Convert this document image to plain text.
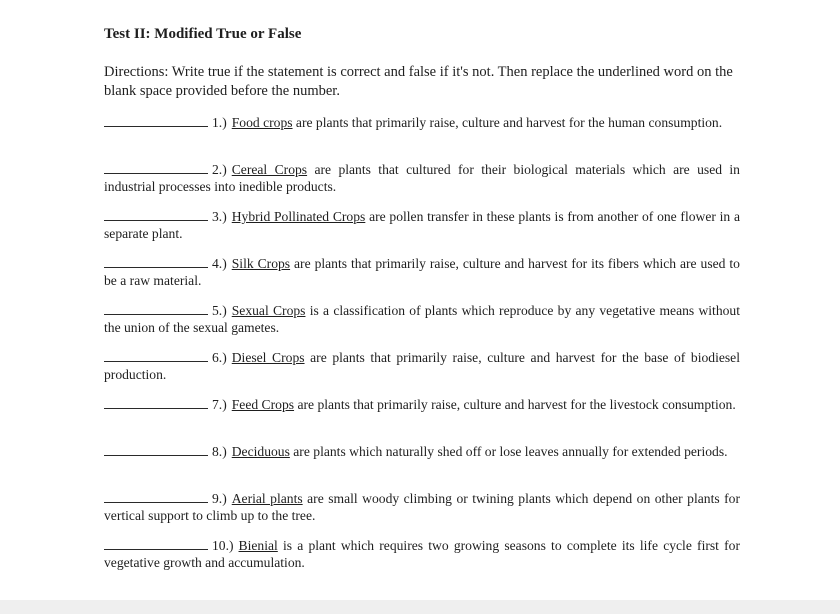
Test II: Modified True or False
Directions: Write true if the statement is correct and false if it's not. Then replace the underlined word on the blank space provided before the number.
1.) Food crops are plants that primarily raise, culture and harvest for the human consumption.
2.) Cereal Crops are plants that cultured for their biological materials which are used in industrial processes into inedible products.
3.) Hybrid Pollinated Crops are pollen transfer in these plants is from another of one flower in a separate plant.
4.) Silk Crops are plants that primarily raise, culture and harvest for its fibers which are used to be a raw material.
5.) Sexual Crops is a classification of plants which reproduce by any vegetative means without the union of the sexual gametes.
6.) Diesel Crops are plants that primarily raise, culture and harvest for the base of biodiesel production.
7.) Feed Crops are plants that primarily raise, culture and harvest for the livestock consumption.
8.) Deciduous are plants which naturally shed off or lose leaves annually for extended periods.
9.) Aerial plants are small woody climbing or twining plants which depend on other plants for vertical support to climb up to the tree.
10.) Bienial is a plant which requires two growing seasons to complete its life cycle first for vegetative growth and accumulation.
